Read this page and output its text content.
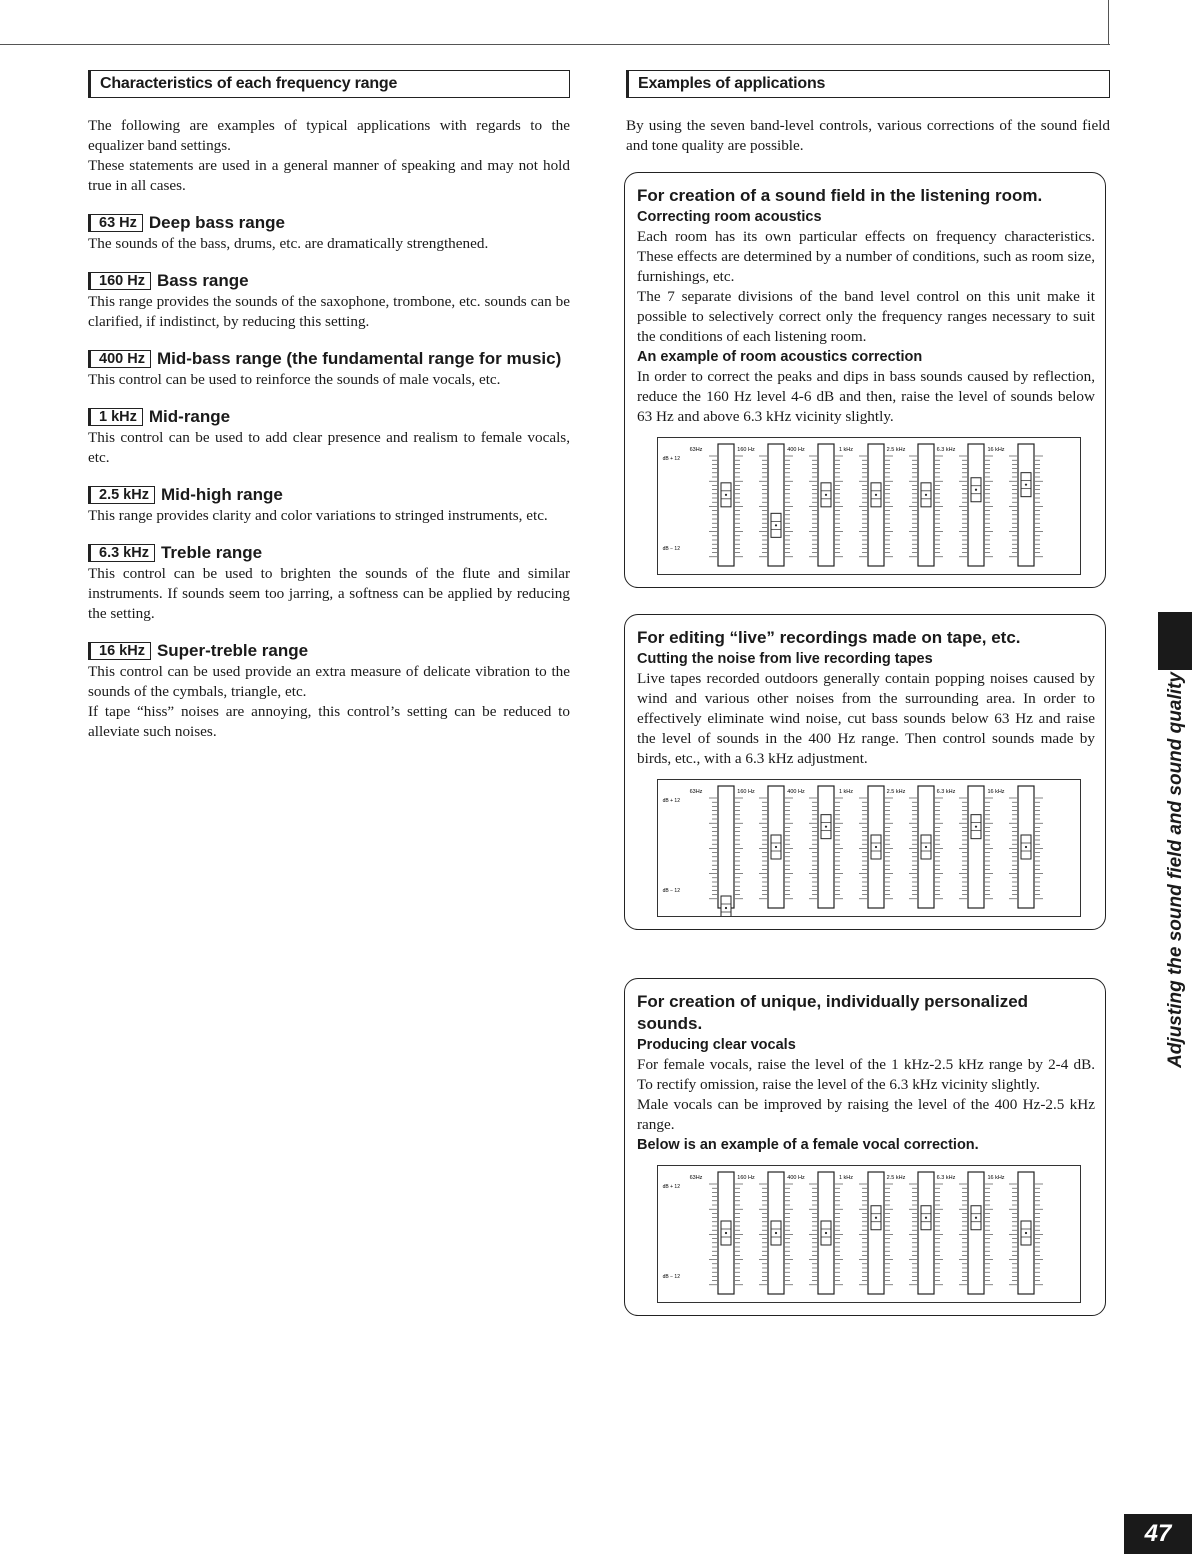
Characteristics of each frequency range

The following are examples of typical applications with regards to the equalizer band settings.

These statements are used in a general manner of speaking and may not hold true in all cases.

63 Hz Deep bass range

The sounds of the bass, drums, etc. are dramatically strengthened.

160 Hz Bass range

This range provides the sounds of the saxophone, trombone, etc. sounds can be clarified, if indistinct, by reducing this setting.

400 Hz Mid-bass range (the fundamental range for music)

This control can be used to reinforce the sounds of male vocals, etc.

1 kHz Mid-range

This control can be used to add clear presence and realism to female vocals, etc.

2.5 kHz Mid-high range

This range provides clarity and color variations to stringed instruments, etc.

6.3 kHz Treble range

This control can be used to brighten the sounds of the flute and similar instruments. If sounds seem too jarring, a softness can be applied by reducing the setting.

16 kHz Super-treble range

This control can be used provide an extra measure of delicate vibration to the sounds of the cymbals, triangle, etc.

If tape “hiss” noises are annoying, this control’s setting can be reduced to alleviate such noises.

Examples of applications

By using the seven band-level controls, various corrections of the sound field and tone quality are possible.

For creation of a sound field in the listening room.
Correcting room acoustics

Each room has its own particular effects on frequency characteristics. These effects are determined by a number of conditions, such as room size, furnishings, etc.

The 7 separate divisions of the band level control on this unit make it possible to selectively correct only the frequency ranges necessary to suit the conditions of each listening room.

An example of room acoustics correction

In order to correct the peaks and dips in bass sounds caused by reflection, reduce the 160 Hz level 4-6 dB and then, raise the level of sounds below 63 Hz and above 6.3 kHz vicinity slightly.

dB + 12
dB − 12
63Hz	160 Hz	400 Hz	1 kHz	2.5 kHz	6.3 kHz	16 kHz
For editing “live” recordings made on tape, etc.
Cutting the noise from live recording tapes

Live tapes recorded outdoors generally contain popping noises caused by wind and various other noises from the surrounding area. In order to effectively eliminate wind noise, cut bass sounds below 63 Hz and raise the level of sounds in the 400 Hz range. Then control sounds made by birds, etc., with a 6.3 kHz adjustment.

dB + 12
dB − 12
63Hz	160 Hz	400 Hz	1 kHz	2.5 kHz	6.3 kHz	16 kHz
For creation of unique, individually personalized sounds.
Producing clear vocals

For female vocals, raise the level of the 1 kHz-2.5 kHz range by 2-4 dB. To rectify omission, raise the level of the 6.3 kHz vicinity slightly.

Male vocals can be improved by raising the level of the 400 Hz-2.5 kHz range.

Below is an example of a female vocal correction.
dB + 12
dB − 12
63Hz	160 Hz	400 Hz	1 kHz	2.5 kHz	6.3 kHz	16 kHz
Adjusting the sound field and sound quality
47
